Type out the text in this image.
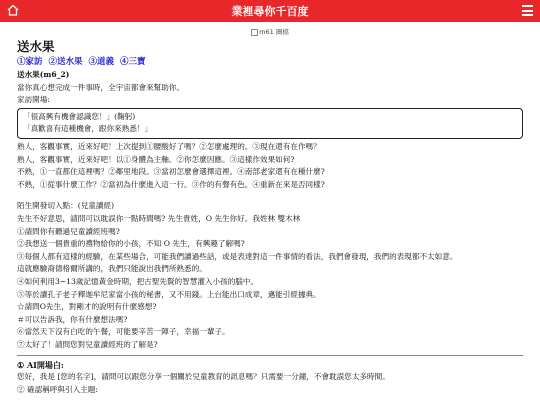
業裡尋你千百度
m61 圖檔
送水果
①家訪 ②送水果 ③道義 ④三寶
送水果(m6_2)
當你真心想完成一件事時，全宇宙都會來幫助你。
家訪開場:
「很高興有機會認識您！」(鞠躬)
「真歡喜有這種機會，跟你來熟悉！」
熟人，客觀事實，近來好吧！上次提到①腰酸好了嗎？②怎麼處理的。③現在還有在作嗎？
熟人，客觀事實，近來好吧！以①身體為主軸。②你怎麼因應。③這樣作效果如何?
不熟，①一直都住這裡嗎？②鄰里地段。③當初怎麼會選擇這裡。④南部老家還有在種什麼?
不熟，①從事什麼工作？②當初為什麼進入這一行。③作的有聲有色。④重新在來是否同樣?
陌生開發切入點：(兒童讀經)
先生不好意思，請問可以耽誤你一點時間嗎? 先生貴姓，O 先生你好。我姓林 雙木林
①請問你有聽過兒童讀經班嗎?
②我想送一個貴重的禮物給你的小孩，不知 O 先生，有興趣了解嗎?
③每個人都有這樣的經驗，在某些場合，可能我們讀過些話，或是表達對這一件事情的看法，我們會發現，我們的表現都不太如意。
這就應驗裔德格爾所講的，我們只能說出我們所熟悉的。
④如何利用3~13歲記憶黃金時期，把古聖先賢的智慧灌入小孩的腦中。
⑤等於讀孔子老子釋迦牟尼家當小孩的秘書，又不用錢。上台能出口成章，邁能引經據典。
☆請問O先生，對剛才的說明有什麼感想?
＃可以告訴我，你有什麼想法嗎?
⑥當然天下沒有白吃的午餐，可能要辛苦一陣子，幸福一輩子。
⑦太好了！請問您對兒童讀經班的了解是?
① AI開場白:
您好，我是 [您的名字]，請問可以跟您分享一個關於兒童教育的訊息嗎？只需要一分鐘，不會耽誤您太多時間。
② 確認稱呼與引入主題:
